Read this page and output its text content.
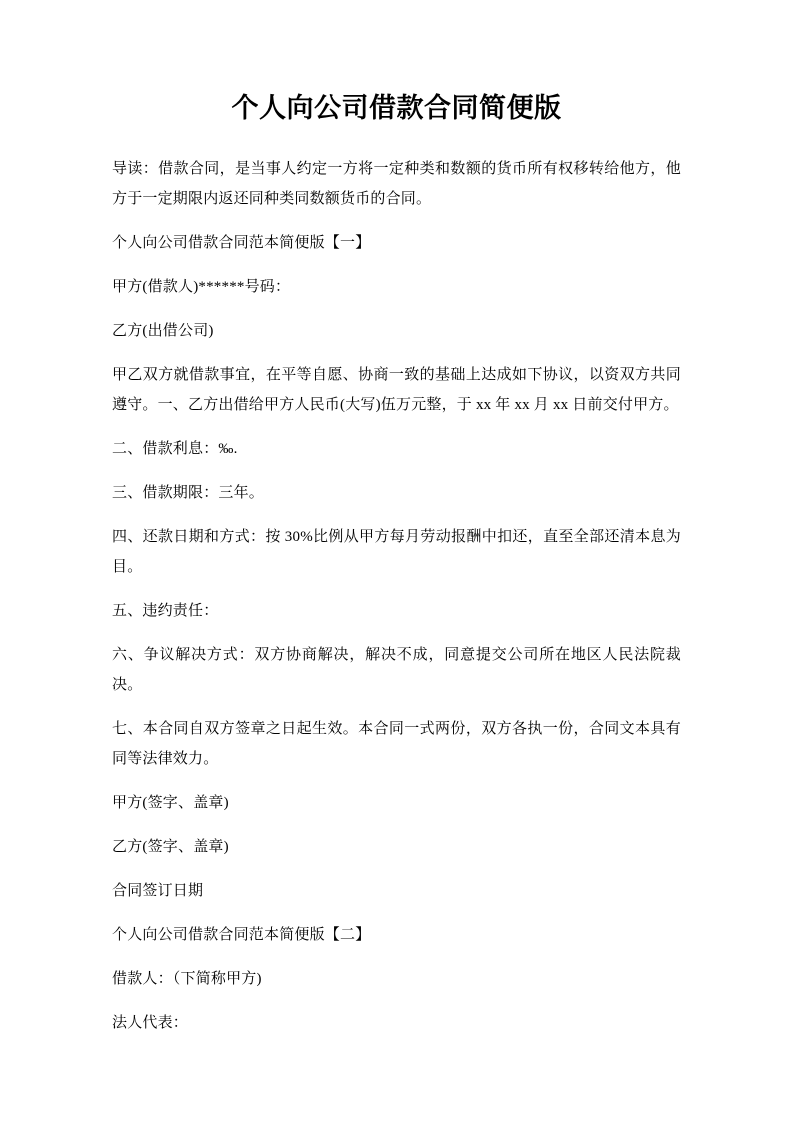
个人向公司借款合同简便版

导读：借款合同，是当事人约定一方将一定种类和数额的货币所有权移转给他方，他方于一定期限内返还同种类同数额货币的合同。

个人向公司借款合同范本简便版【一】

甲方(借款人)******号码：

乙方(出借公司)

甲乙双方就借款事宜，在平等自愿、协商一致的基础上达成如下协议，以资双方共同遵守。一、乙方出借给甲方人民币(大写)伍万元整，于 xx 年 xx 月 xx 日前交付甲方。

二、借款利息：‰.

三、借款期限：三年。

四、还款日期和方式：按 30%比例从甲方每月劳动报酬中扣还，直至全部还清本息为目。

五、违约责任：

六、争议解决方式：双方协商解决，解决不成，同意提交公司所在地区人民法院裁决。

七、本合同自双方签章之日起生效。本合同一式两份，双方各执一份，合同文本具有同等法律效力。

甲方(签字、盖章)

乙方(签字、盖章)

合同签订日期

个人向公司借款合同范本简便版【二】

借款人：（下简称甲方)

法人代表：
